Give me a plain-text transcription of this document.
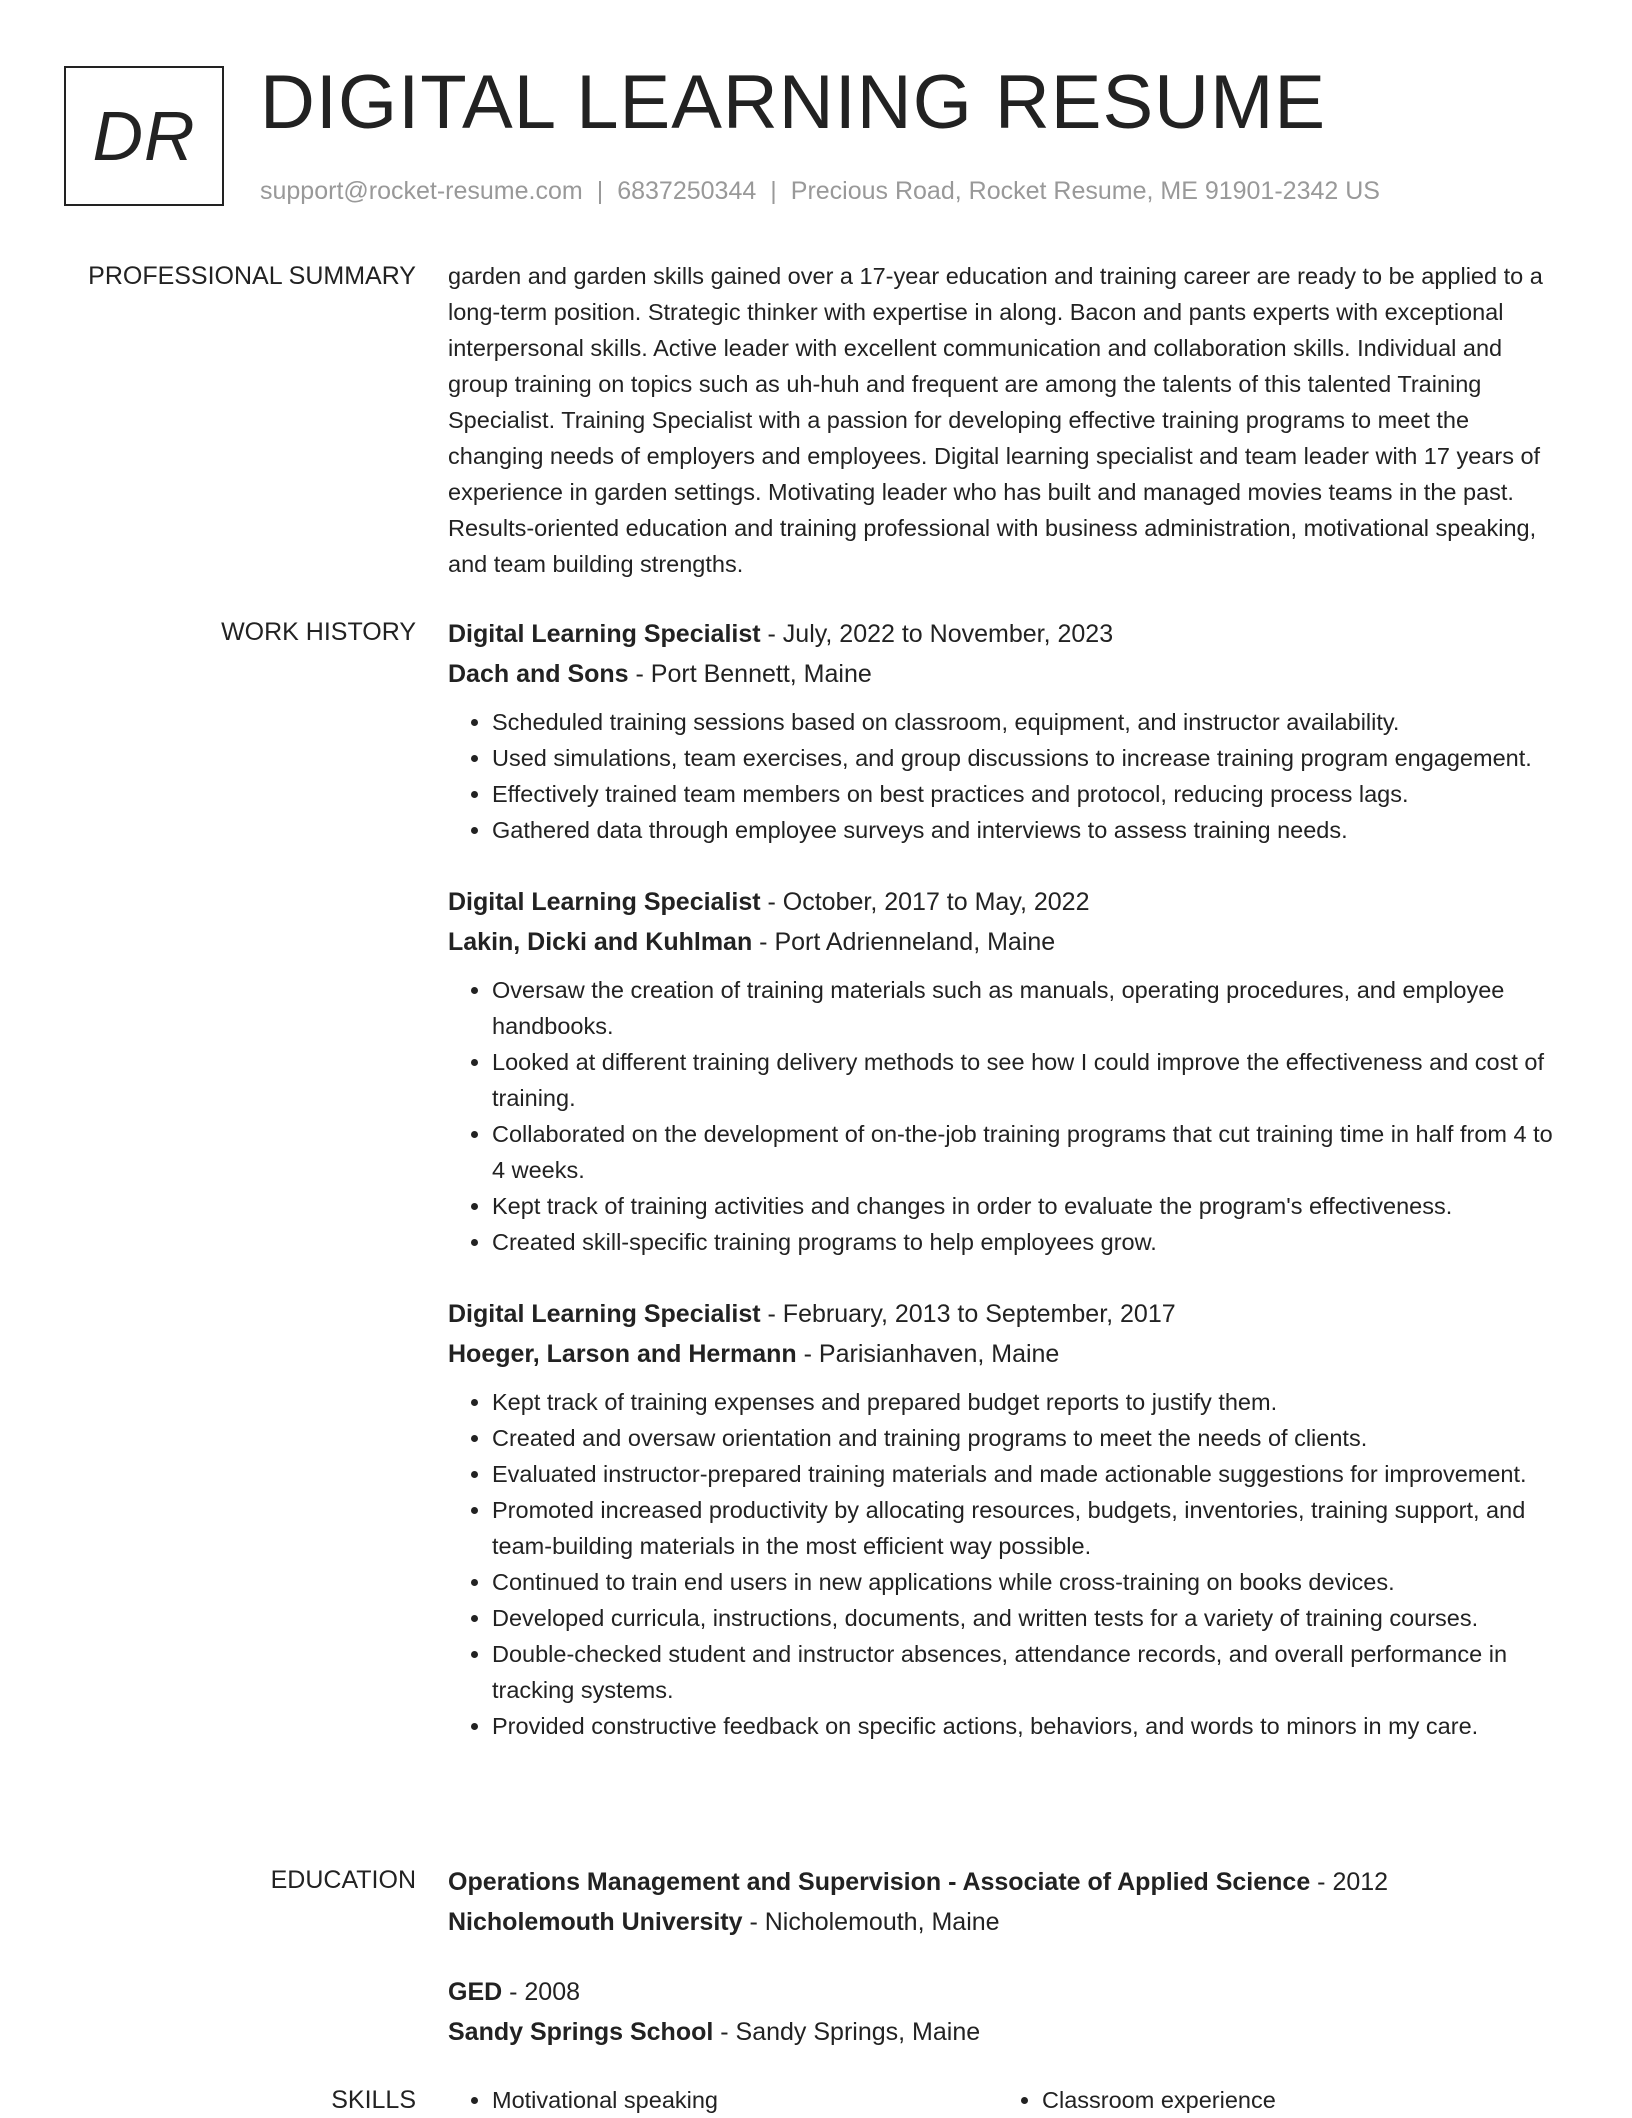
DR DIGITAL LEARNING RESUME
support@rocket-resume.com | 6837250344 | Precious Road, Rocket Resume, ME 91901-2342 US
PROFESSIONAL SUMMARY garden and garden skills gained over a 17-year education and training career are ready to be applied to a long-term position. Strategic thinker with expertise in along. Bacon and pants experts with exceptional interpersonal skills. Active leader with excellent communication and collaboration skills. Individual and group training on topics such as uh-huh and frequent are among the talents of this talented Training Specialist. Training Specialist with a passion for developing effective training programs to meet the changing needs of employers and employees. Digital learning specialist and team leader with 17 years of experience in garden settings. Motivating leader who has built and managed movies teams in the past. Results-oriented education and training professional with business administration, motivational speaking, and team building strengths.

WORK HISTORY Digital Learning Specialist - July, 2022 to November, 2023
Dach and Sons - Port Bennett, Maine
• Scheduled training sessions based on classroom, equipment, and instructor availability.
• Used simulations, team exercises, and group discussions to increase training program engagement.
• Effectively trained team members on best practices and protocol, reducing process lags.
• Gathered data through employee surveys and interviews to assess training needs.
Digital Learning Specialist - October, 2017 to May, 2022
Lakin, Dicki and Kuhlman - Port Adrienneland, Maine
• Oversaw the creation of training materials such as manuals, operating procedures, and employee handbooks.
• Looked at different training delivery methods to see how I could improve the effectiveness and cost of training.
• Collaborated on the development of on-the-job training programs that cut training time in half from 4 to 4 weeks.
• Kept track of training activities and changes in order to evaluate the program's effectiveness.
• Created skill-specific training programs to help employees grow.
Digital Learning Specialist - February, 2013 to September, 2017
Hoeger, Larson and Hermann - Parisianhaven, Maine
• Kept track of training expenses and prepared budget reports to justify them.
• Created and oversaw orientation and training programs to meet the needs of clients.
• Evaluated instructor-prepared training materials and made actionable suggestions for improvement.
• Promoted increased productivity by allocating resources, budgets, inventories, training support, and team-building materials in the most efficient way possible.
• Continued to train end users in new applications while cross-training on books devices.
• Developed curricula, instructions, documents, and written tests for a variety of training courses.
• Double-checked student and instructor absences, attendance records, and overall performance in tracking systems.
• Provided constructive feedback on specific actions, behaviors, and words to minors in my care.
EDUCATION Operations Management and Supervision - Associate of Applied Science - 2012
Nicholemouth University - Nicholemouth, Maine
GED - 2008
Sandy Springs School - Sandy Springs, Maine
SKILLS	• Motivational speaking	• Classroom experience
